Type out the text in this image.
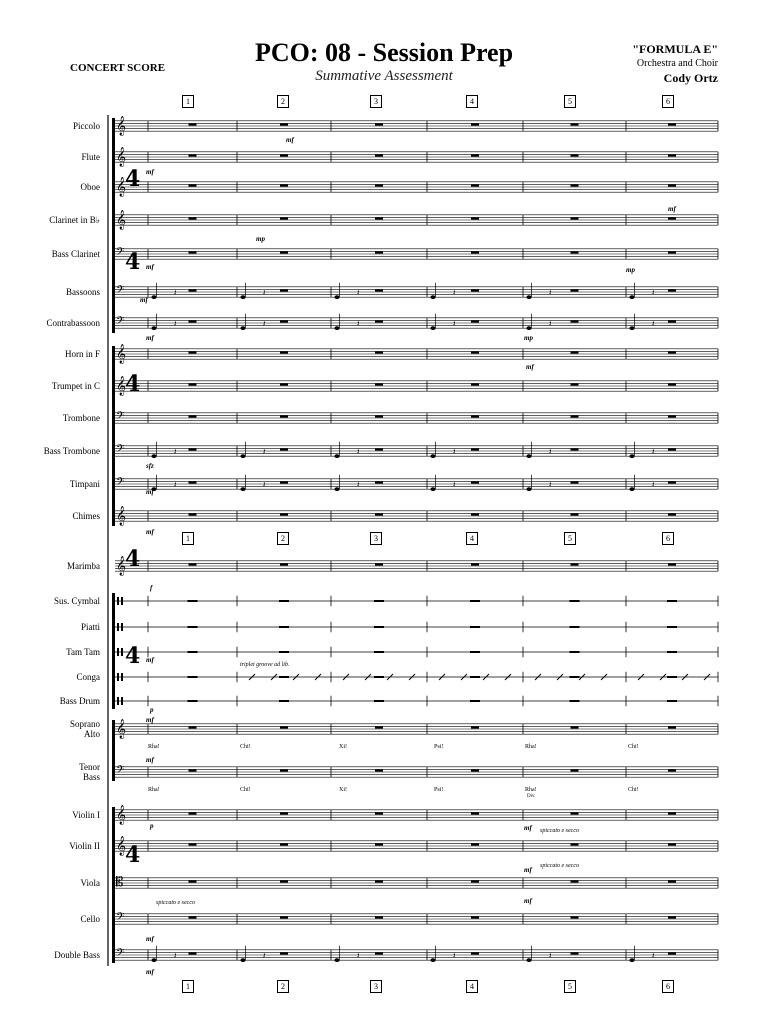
CONCERT SCORE
PCO: 08 - Session Prep
Summative Assessment
"FORMULA E"
Orchestra and Choir
Cody Ortz
Piccolo
Flute
Oboe
Clarinet in B♭
Bass Clarinet
Bassoons
Contrabassoon
Horn in F
Trumpet in C
Trombone
Bass Trombone
Timpani
Chimes
Marimba
Sus. Cymbal
Piatti
Tam Tam
Conga
Bass Drum
Soprano
Alto
Tenor
Bass
Violin I
Violin II
Viola
Cello
Double Bass
1	2	3	4	5	6
1	2	3	4	5	6
1	2	3	4	5	6
𝄞
𝄞
𝄞
𝄞
𝄢
𝄢
𝄢
𝄞
𝄞
𝄢
𝄢
𝄢
𝄞
𝄞
𝄞
𝄢
𝄞
𝄞
𝄡
𝄢
𝄢
4
4
4
4
4
4
𝄽	𝄽	𝄽	𝄽	𝄽	𝄽
𝄽	𝄽	𝄽	𝄽	𝄽	𝄽
𝄽	𝄽	𝄽	𝄽	𝄽	𝄽
𝄽	𝄽	𝄽	𝄽	𝄽	𝄽
𝄽	𝄽	𝄽	𝄽	𝄽	𝄽
mf
mf
mf
mf
mp
mf
mf
mp
mp
mf
sfz
mf
mf
f
mf
p
mf
mf
p	mf
mf
mf
mf
mf
triplet groove ad lib.
spiccato e secco
spiccato e secco
spiccato e secco
Div.
Rha!	Chi!	Xi!	Psi!	Rha!	Chi!
Rha!	Chi!	Xi!	Psi!	Rha!	Chi!
